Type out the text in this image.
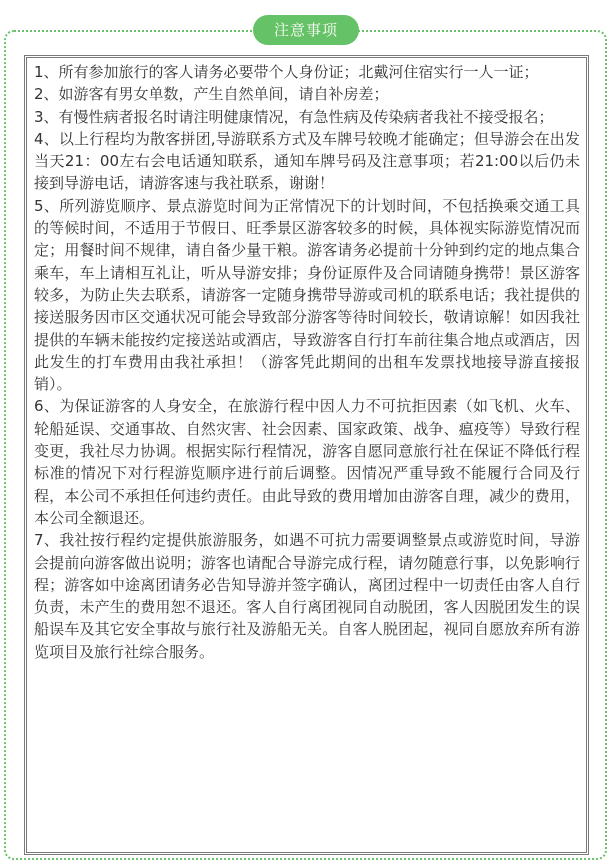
注意事项

1、所有参加旅行的客人请务必要带个人身份证；北戴河住宿实行一人一证；

2、如游客有男女单数，产生自然单间，请自补房差；

3、有慢性病者报名时请注明健康情况，有急性病及传染病者我社不接受报名；

4、以上行程均为散客拼团,导游联系方式及车牌号较晚才能确定；但导游会在出发当天21：00左右会电话通知联系，通知车牌号码及注意事项；若21:00以后仍未接到导游电话，请游客速与我社联系，谢谢！

5、所列游览顺序、景点游览时间为正常情况下的计划时间，不包括换乘交通工具的等候时间，不适用于节假日、旺季景区游客较多的时候，具体视实际游览情况而定；用餐时间不规律，请自备少量干粮。游客请务必提前十分钟到约定的地点集合乘车，车上请相互礼让，听从导游安排；身份证原件及合同请随身携带！景区游客较多，为防止失去联系，请游客一定随身携带导游或司机的联系电话；我社提供的接送服务因市区交通状况可能会导致部分游客等待时间较长，敬请谅解！如因我社提供的车辆未能按约定接送站或酒店，导致游客自行打车前往集合地点或酒店，因此发生的打车费用由我社承担！（游客凭此期间的出租车发票找地接导游直接报销）。

6、为保证游客的人身安全，在旅游行程中因人力不可抗拒因素（如飞机、火车、轮船延误、交通事故、自然灾害、社会因素、国家政策、战争、瘟疫等）导致行程变更，我社尽力协调。根据实际行程情况，游客自愿同意旅行社在保证不降低行程标准的情况下对行程游览顺序进行前后调整。因情况严重导致不能履行合同及行程，本公司不承担任何违约责任。由此导致的费用增加由游客自理，减少的费用，本公司全额退还。

7、我社按行程约定提供旅游服务，如遇不可抗力需要调整景点或游览时间，导游会提前向游客做出说明；游客也请配合导游完成行程，请勿随意行事，以免影响行程；游客如中途离团请务必告知导游并签字确认，离团过程中一切责任由客人自行负责，未产生的费用恕不退还。客人自行离团视同自动脱团，客人因脱团发生的误船误车及其它安全事故与旅行社及游船无关。自客人脱团起，视同自愿放弃所有游览项目及旅行社综合服务。
